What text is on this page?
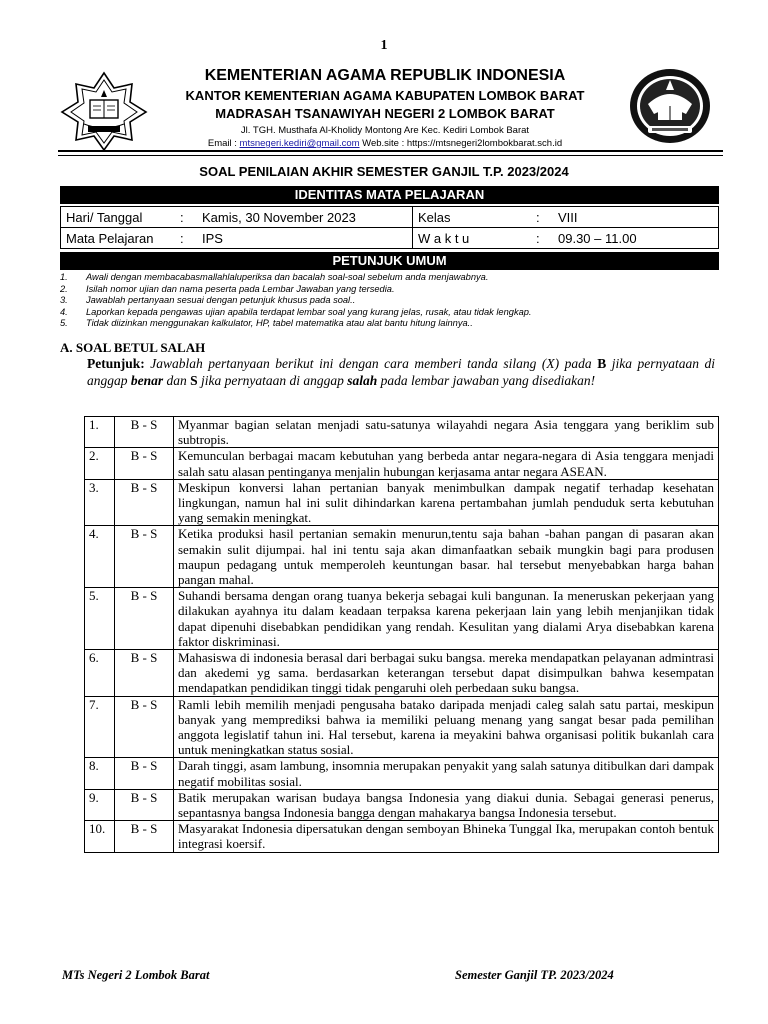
1
KEMENTERIAN AGAMA REPUBLIK INDONESIA
KANTOR KEMENTERIAN AGAMA KABUPATEN LOMBOK BARAT
MADRASAH TSANAWIYAH NEGERI 2 LOMBOK BARAT
Jl. TGH. Musthafa Al-Kholidy Montong Are Kec. Kediri Lombok Barat
Email : mtsnegeri.kediri@gmail.com Web.site : https://mtsnegeri2lombokbarat.sch.id
SOAL PENILAIAN AKHIR SEMESTER GANJIL T.P. 2023/2024
IDENTITAS MATA PELAJARAN
Hari/ Tanggal	:	Kamis, 30 November 2023	Kelas	:	VIII
Mata Pelajaran	:	IPS	W a k t u	:	09.30 – 11.00
PETUNJUK UMUM
1.	Awali dengan membacabasmallahlaluperiksa dan bacalah soal-soal sebelum anda menjawabnya.
2.	Isilah nomor ujian dan nama peserta pada Lembar Jawaban yang tersedia.
3.	Jawablah pertanyaan sesuai dengan petunjuk khusus pada soal..
4.	Laporkan kepada pengawas ujian apabila terdapat lembar soal yang kurang jelas, rusak, atau tidak lengkap.
5.	Tidak diizinkan menggunakan kalkulator, HP, tabel matematika atau alat bantu hitung lainnya..
A. SOAL BETUL SALAH
Petunjuk: Jawablah pertanyaan berikut ini dengan cara memberi tanda silang (X) pada B jika pernyataan di anggap benar dan S jika pernyataan di anggap salah pada lembar jawaban yang disediakan!
1.	B - S	Myanmar bagian selatan menjadi satu-satunya wilayahdi negara Asia tenggara yang beriklim sub subtropis.
2.	B - S	Kemunculan berbagai macam kebutuhan yang berbeda antar negara-negara di Asia tenggara menjadi salah satu alasan pentinganya menjalin hubungan kerjasama antar negara ASEAN.
3.	B - S	Meskipun konversi lahan pertanian banyak menimbulkan dampak negatif terhadap kesehatan lingkungan, namun hal ini sulit dihindarkan karena pertambahan jumlah penduduk serta kebutuhan yang semakin meningkat.
4.	B - S	Ketika produksi hasil pertanian semakin menurun,tentu saja bahan -bahan pangan di pasaran akan semakin sulit dijumpai. hal ini tentu saja akan dimanfaatkan sebaik mungkin bagi para produsen maupun pedagang untuk memperoleh keuntungan basar. hal tersebut menyebabkan harga bahan pangan mahal.
5.	B - S	Suhandi bersama dengan orang tuanya bekerja sebagai kuli bangunan. Ia meneruskan pekerjaan yang dilakukan ayahnya itu dalam keadaan terpaksa karena pekerjaan lain yang lebih menjanjikan tidak dapat dipenuhi disebabkan pendidikan yang rendah. Kesulitan yang dialami Arya disebabkan karena faktor diskriminasi.
6.	B - S	Mahasiswa di indonesia berasal dari berbagai suku bangsa. mereka mendapatkan pelayanan admintrasi dan akedemi yg sama. berdasarkan keterangan tersebut dapat disimpulkan bahwa kesempatan mendapatkan pendidikan tinggi tidak pengaruhi oleh perbedaan suku bangsa.
7.	B - S	Ramli lebih memilih menjadi pengusaha batako daripada menjadi caleg salah satu partai, meskipun banyak yang memprediksi bahwa ia memiliki peluang menang yang sangat besar pada pemilihan anggota legislatif tahun ini. Hal tersebut, karena ia meyakini bahwa organisasi politik bukanlah cara untuk meningkatkan status sosial.
8.	B - S	Darah tinggi, asam lambung, insomnia merupakan penyakit yang salah satunya ditibulkan dari dampak negatif mobilitas sosial.
9.	B - S	Batik merupakan warisan budaya bangsa Indonesia yang diakui dunia. Sebagai generasi penerus, sepantasnya bangsa Indonesia bangga dengan mahakarya bangsa Indonesia tersebut.
10.	B - S	Masyarakat Indonesia dipersatukan dengan semboyan Bhineka Tunggal Ika, merupakan contoh bentuk integrasi koersif.
MTs Negeri 2 Lombok Barat	Semester Ganjil TP. 2023/2024
